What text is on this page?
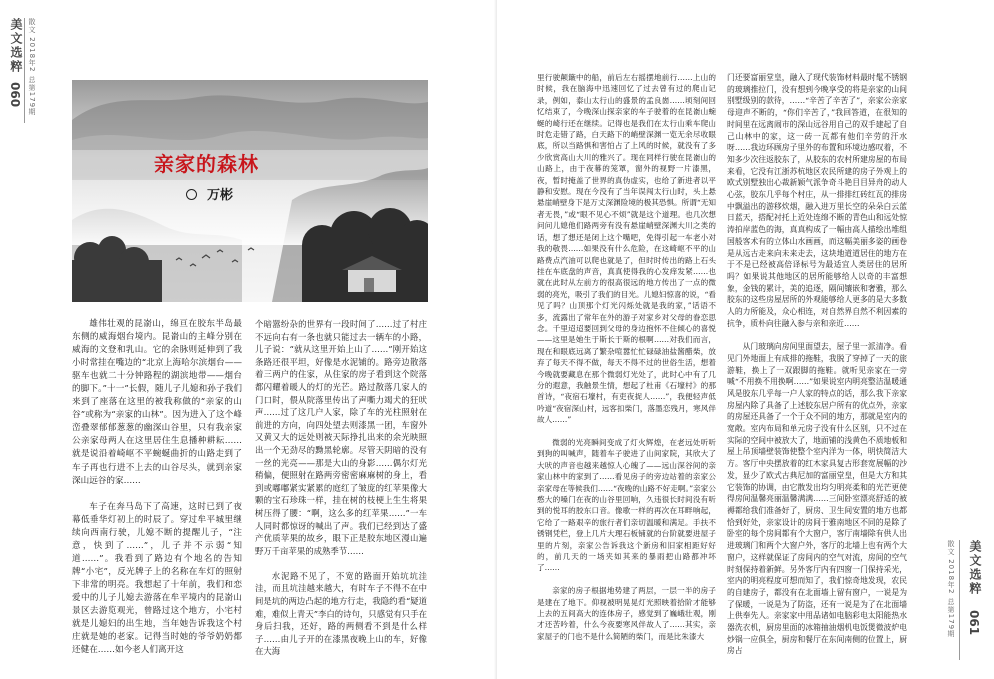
美文选粹
060 散文 2018年2 总第179期
亲家的森林
万彬

雄伟壮观的昆嵛山，绵亘在胶东半岛最东侧的威海烟台境内。昆嵛山的主峰分别在威海的文登和乳山。它的余脉则延伸到了我小时常挂在嘴边的“北京上海哈尔滨烟台——驱车也就二十分钟路程的湖滨地带——烟台的脚下。”十一”长假，随儿子儿媳和孙子我们来到了座落在这里的被我称做的“亲家的山谷”或称为“亲家的山林”。因为进入了这个峰峦叠翠郁郁葱葱的幽深山谷里，只有我亲家公亲家母两人在这里居住生息播种耕耘……就是说沿着崎岖不平蜿蜒曲折的山路走到了车子再也行进不上去的山谷尽头，就到亲家深山远谷的家……

车子在奔马岛下了高速，这时已到了夜幕低垂华灯初上的时辰了。穿过牟平城里继续向西南行驶，儿媳不断的提醒儿子，“注意，快到了……”，儿子并不示弱“知道……”。我看到了路边有个地名的告知牌“小宅”，反光牌子上的名称在车灯的照射下非常的明亮。我想起了十年前，我们和恋爱中的儿子儿媳去游落在牟平境内的昆嵛山景区去游览观光，曾路过这个地方，小宅村就是儿媳妇的出生地，当年她告诉我这个村庄就是她的老家。记得当时她的爷爷奶奶都还健在……如今老人们离开这

个暗嚣纷杂的世界有一段时间了……过了村庄不远向右有一条也就只能过去一辆车的小路，儿子说：“就从这里开始上山了……”刚开始这条路还很平坦，好像是水泥铺的。路旁边散落着三两户的住家，从住家的房子看到这个院落都闪耀着暖人的灯的光芒。路过散落几家人的门口时，偎从院落里传出了声嘶力竭犬的狂吠声……过了这几户人家，除了车的光柱照射在前进的方向，向四处望去则漆黑一团，车窗外又黄又大的远处则被天际挣扎出来的余光映照出一个无劲尽的黝黑轮廓。尽管天阴暗的没有一丝的光亮——那是大山的身影……偶尔灯光稍偏，便照射在路两旁密密麻麻树的身上，看到或嘟嘟紧实紧累的庭红了皱庞的红苹果像大颗的宝石珍珠一样，挂在树的枝梗上生生将果树压得了腰：“啊，这么多的红苹果……”一车人同时都惊讶的喊出了声。我们已经到达了盛产优质苹果的故乡，眼下正是胶东地区漫山遍野万千亩苹果的成熟季节……

水泥路不见了，不宽的路面开始坑坑洼洼，而且坑洼越来越大，有时车子不得不在中间是坑的两边凸起的地方行走，我隐约看“疑道难，难似上青天”李白的诗句，只感觉有只手在身后扫我，还好，路的两侧看不到是什么样子……由儿子开的在漆黑夜晚上山的车，好像在大海

里行驶颠簸中的船，前后左右摇摆地前行……上山的时候，我在脑海中迅速回忆了过去曾有过的爬山记录，例如，泰山太行山的盛景的孟良崮……顷刻间回忆结束了，今晚深山探亲家的车子驶着的在昆嵛山蜿蜒的崎行还在继续。记得也是我们在太行山乘车爬山时危走错了路，白天路下的峭壁深渊一览无余尽收眼底，所以当路惧和害怕占了上风的时候，就没有了多少欣赏高山大川的雅兴了。现在同样行驶在昆嵛山的山路上，由于夜幕的笼罩，窗外的视野一片漆黑，夜，暂时掩盖了世界的真伪虚实，也给了新进者以平静和安慰。现在今没有了当年误闯太行山时，头上悬悬崖峭壁身下是万丈深渊险境的极其恐惧。所谓“无知者无畏，”或“眼不见心不烦”就是这个道理。也几次想问问儿媳他们路两旁有没有悬崖峭壁深渊大川之类的话，想了想还是闭上这个嘴吧，免得引起一车老小对我的敬畏……如果没有什么危险，在这崎岖不平的山路费点汽油可以爬也就是了，但时时传出的路上石头挂在车底盘的声音，真真使得我的心发痒发紧……也就在此时从左前方的很高很远的地方传出了一点的微弱的亮光，吸引了我们的目光。儿媳妇惊喜的说，“看见了吗？山顶那个灯光闪烁处就是我的家，”话语不多，流露出了常年在外的游子对家乡对父母的眷恋思念。千里迢迢要回到父母的身边抱怀不住倾心的喜悦——这里是她生于斯长于斯的根啊……对我们而言，现在和眼底远离了繁杂喧嚣忙忙碌碌油盐酱醋柴，放弃了每天不得不做，每天不得不过的世俗生活，想着今晚就要藏息在那个微弱灯光处了，此时心中有了几分的遐意，我触景生情，想起了杜甫《石壕村》的那首诗，“夜宿石壕村，有吏夜捉人……”，我便轻声低吟道“夜宿深山村，远客扣柴门，落墨恋残月，寒风伴故人……”

微弱的光亮瞬间变成了灯火辉煌，在老远处听听到狗的叫喊声，随着车子驶进了山间家院，其欣大了大吠的声音也越来越惊人心魄了——远山深谷间的亲家山林中的家到了……看见房子的旁边站着的亲家公亲家母在等候我们……“夜晚的山路不好走啊。”亲家公憨大的嗓门在夜的山谷里回响，久违很长时间没有听到的悦耳的胶东口音。像歌一样的再次在耳畔响起，它给了一路艰辛的旅行者们亲切温暖和满足。手扶不锈钢凭栏，登上几片大理石板铺就的台阶就要进屋子里的片刻，亲家公告诉我这个新房和旧家相距好好的，前几天的一场夹如其来的暴雨把山路都冲坏了……

亲家的房子根据地势建了两层，一层一半的房子是建在了地下。仰视被明晃晃灯光照映着拾阶才能够上去的五间高大的连体房子，感觉到了巍峨壮观，刚才还苦吟着，什么今夜要寒风伴故人了……其实，亲家屋子的门也不是什么简陋的柴门，而是比朱漆大

门还要富丽堂皇，融入了现代装饰材料最时髦不锈钢的玻璃推拉门，没有想到今晚享受的将是亲家的山间别墅级别的款待，……“辛苦了辛苦了”，亲家公亲家母迎声不断的，“你们辛苦了，”我回答道，在很知的时间里在远离闹市的深山远谷用自己的双手建起了自己山林中的家，这一砖一瓦都有他们辛劳的汗水呀……我边环顾房子里外的布置和环境边感叹着，不知多少次往返胶东了，从胶东的农村所建房屋的布局来看，它没有江浙苏杭地区农民所建的房子外观上的欧式别墅独出心裁新颖气派争奇斗艳目目异舟的动人心弦，胶东几乎每个村庄，从一排排红砖红瓦的排房中飘溢出的游移炊烟，融入进万里长空的朵朵白云蓝日蓝天，搭配衬托上近处连绵不断的青色山和远处惊涛拍岸蓝色的海，真真构成了一幅由高人描绘出堆组国般客术有的立体山水画画，而这幅美丽多姿的画卷是从远古走来向未来走去，这块地道道居住的地方在于不是已经被高倍译标号为最适宜人类居住的居所吗？如果说其他地区的居所能够给人以奇的丰富想象，金钱的累计，美的追逐，隔间镶嵌和奢雅，那么胶东的这些房屋居所的外观能够给人更多的是大多数人的力所能及，众心相连，对自然界自然不利因素的抗争，质朴向往融入参与亲和亲近……

从门玻璃向房间里面望去，屋子里一派清净。看见门外地面上有成排的拖鞋，我脱了穿掉了一天的旅游鞋，换上了一双跟脚的拖鞋。就听见亲家在一旁喊“不用换不用换啊……”如果说室内明亮整洁温暖通风是胶东几乎每一户人家的特点的话，那么我下亲家房屋内除了具备了上述胶东居户所有的优点外，亲家的房屋还具备了一个于众不同的地方，那就是室内的宽敞。室内布局和单元房子没有什么区别，只不过在实际的空间中被放大了，地面铺的浅黄色不质地板和屋上吊顶墙壁装饰使整个室内洋为一体，明快简洁大方。客厅中央摆放着的红木家具复古形套宽展幅的沙发，显少了欧式古典尼加的富丽堂皇，但是大方和其它装饰的协调，由它散发出均匀明亮柔和的光芒更使得房间温馨亮丽温馨满满……三间卧室漂亮舒适的被褥都给我们准备好了，厨房、卫生间安置的地方也都恰到好处，亲家设计的房间于雅南地区不同的是除了卧室的每个房间都有个大窗户，客厅南墙除有供人出进玻璃门和两个大窗户外，客厅的北墙上也有两个大窗户，这样就保证了房间内的空气对流，房间的空气时刻保持着新鲜。另外客厅内有四窗一门保持采光，室内的明亮程度可想而知了，我们惊奇地发现，农民的自建房子，都没有在北面墙上留有窗户，一说是为了保暖，一说是为了防盗，还有一说是为了在北面墙上供奉先人。亲家家中用品诸如电脑彩电太阳能热水器洗衣机，厨房里面的冰箱抽油烟机电饭煲微波炉电炒锅一应俱全，厨房和餐厅在东间南侧的位置上，厨房占

散文 2018年2 总第179期 美文选粹
061
